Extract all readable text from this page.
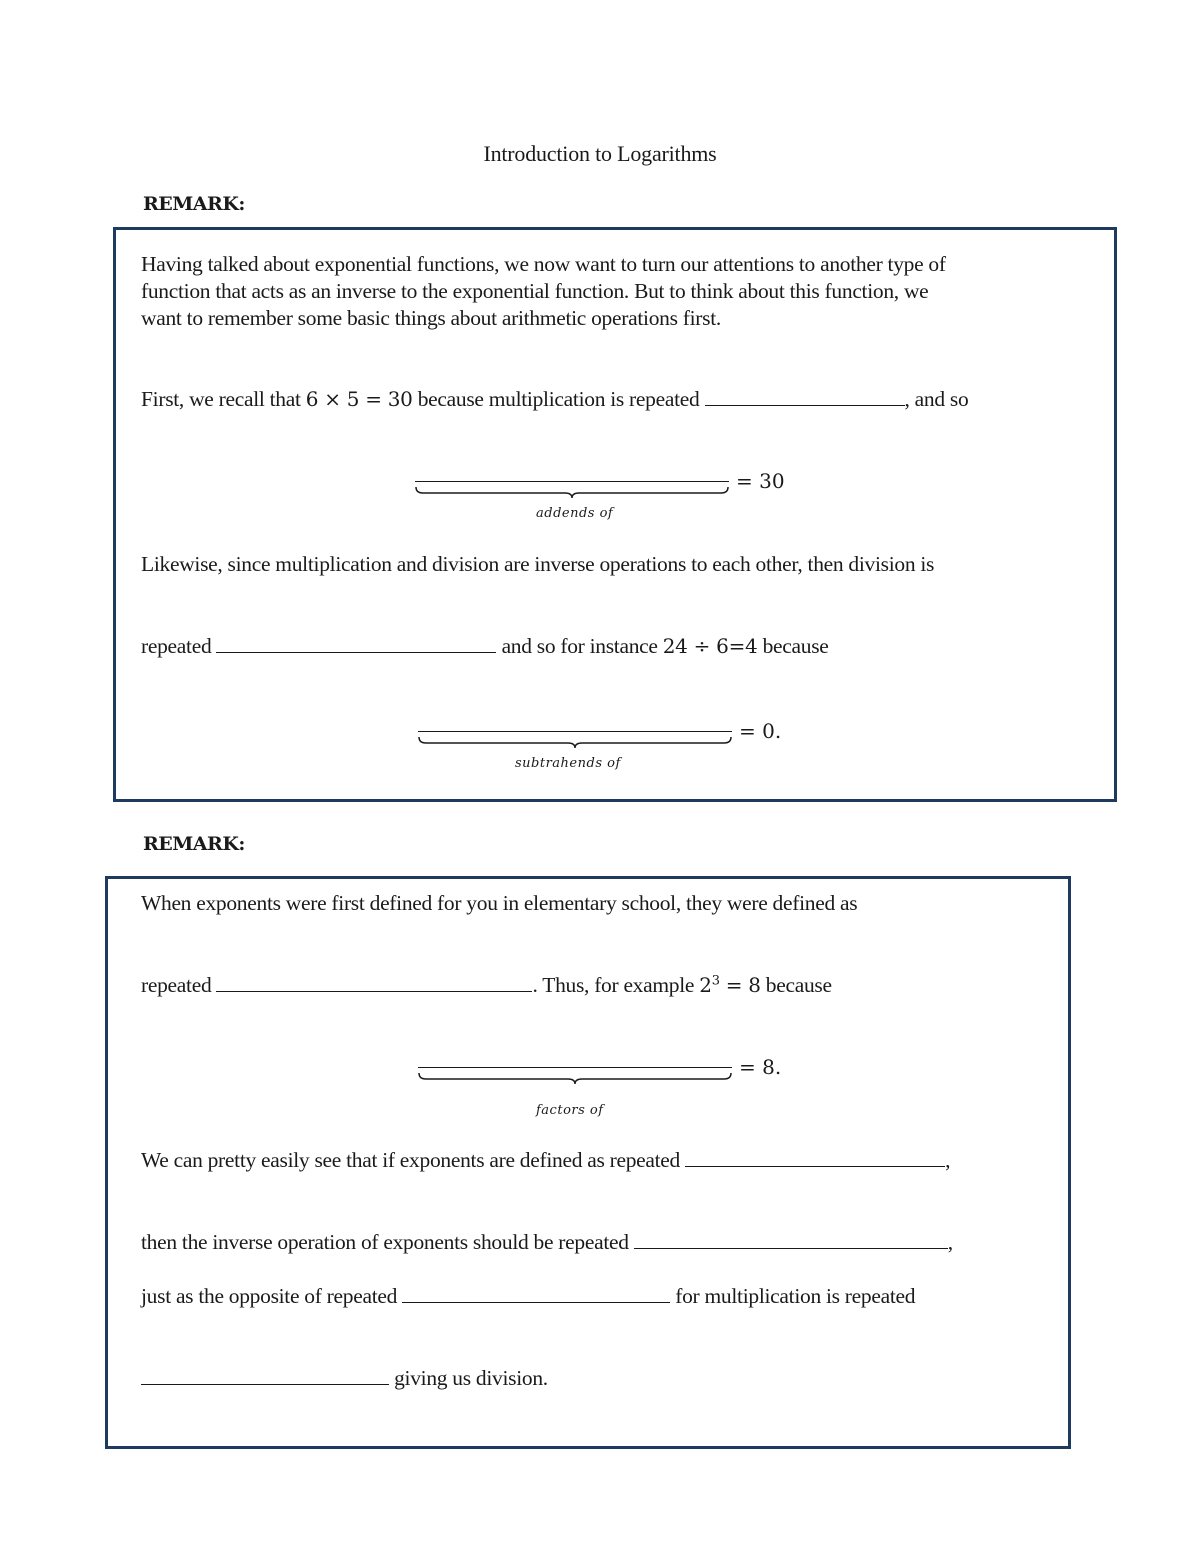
Introduction to Logarithms
REMARK:
Having talked about exponential functions, we now want to turn our attentions to another type of
function that acts as an inverse to the exponential function. But to think about this function, we
want to remember some basic things about arithmetic operations first.
First, we recall that 6 × 5 = 30 because multiplication is repeated	, and so
= 30
addends of
Likewise, since multiplication and division are inverse operations to each other, then division is
repeated	and so for instance 24 ÷ 6=4 because
= 0.
subtrahends of
REMARK:
When exponents were first defined for you in elementary school, they were defined as
repeated	. Thus, for example $2^3 = 8$ because
= 8.
factors of
We can pretty easily see that if exponents are defined as repeated	,
then the inverse operation of exponents should be repeated	,
just as the opposite of repeated	for multiplication is repeated
giving us division.
